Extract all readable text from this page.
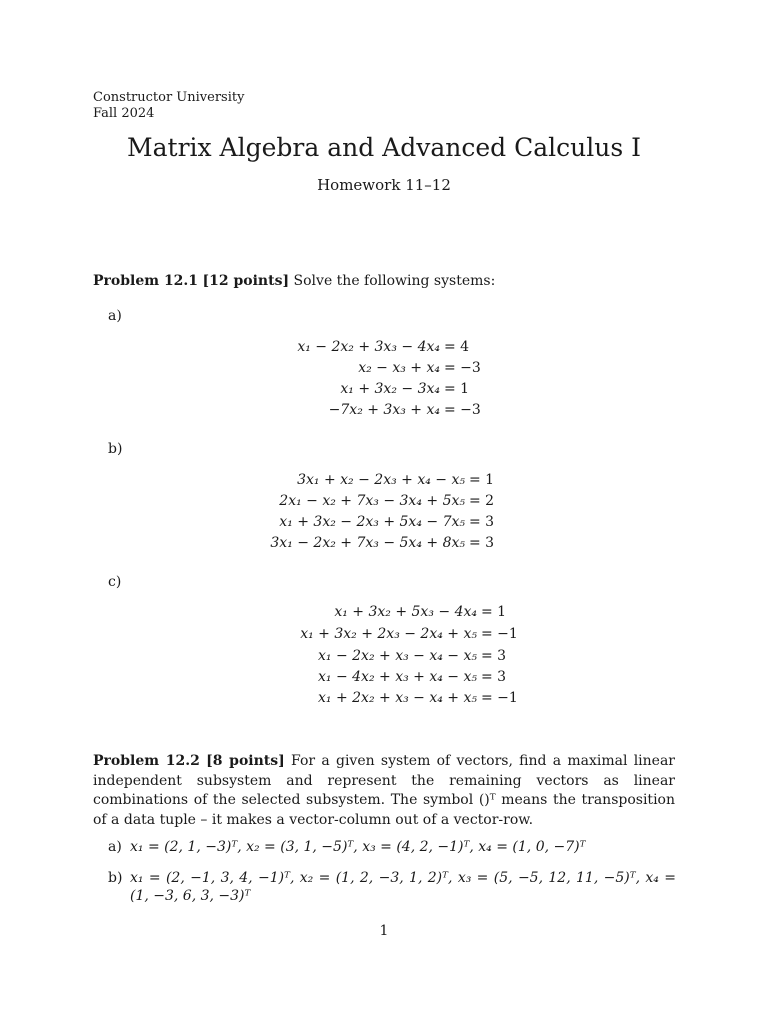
Constructor University
Fall 2024
Matrix Algebra and Advanced Calculus I
Homework 11–12
Problem 12.1 [12 points] Solve the following systems:
a)
x₁ − 2x₂ + 3x₃ − 4x₄ = 4
x₂ − x₃ + x₄ = −3
x₁ + 3x₂ − 3x₄ = 1
−7x₂ + 3x₃ + x₄ = −3
b)
3x₁ + x₂ − 2x₃ + x₄ − x₅ = 1
2x₁ − x₂ + 7x₃ − 3x₄ + 5x₅ = 2
x₁ + 3x₂ − 2x₃ + 5x₄ − 7x₅ = 3
3x₁ − 2x₂ + 7x₃ − 5x₄ + 8x₅ = 3
c)
x₁ + 3x₂ + 5x₃ − 4x₄ = 1
x₁ + 3x₂ + 2x₃ − 2x₄ + x₅ = −1
x₁ − 2x₂ + x₃ − x₄ − x₅ = 3
x₁ − 4x₂ + x₃ + x₄ − x₅ = 3
x₁ + 2x₂ + x₃ − x₄ + x₅ = −1
Problem 12.2 [8 points] For a given system of vectors, find a maximal linear independent subsystem and represent the remaining vectors as linear combinations of the selected subsystem. The symbol ()ᵀ means the transposition of a data tuple – it makes a vector-column out of a vector-row.
a) x₁ = (2, 1, −3)ᵀ, x₂ = (3, 1, −5)ᵀ, x₃ = (4, 2, −1)ᵀ, x₄ = (1, 0, −7)ᵀ
b) x₁ = (2, −1, 3, 4, −1)ᵀ, x₂ = (1, 2, −3, 1, 2)ᵀ, x₃ = (5, −5, 12, 11, −5)ᵀ, x₄ = (1, −3, 6, 3, −3)ᵀ
1
